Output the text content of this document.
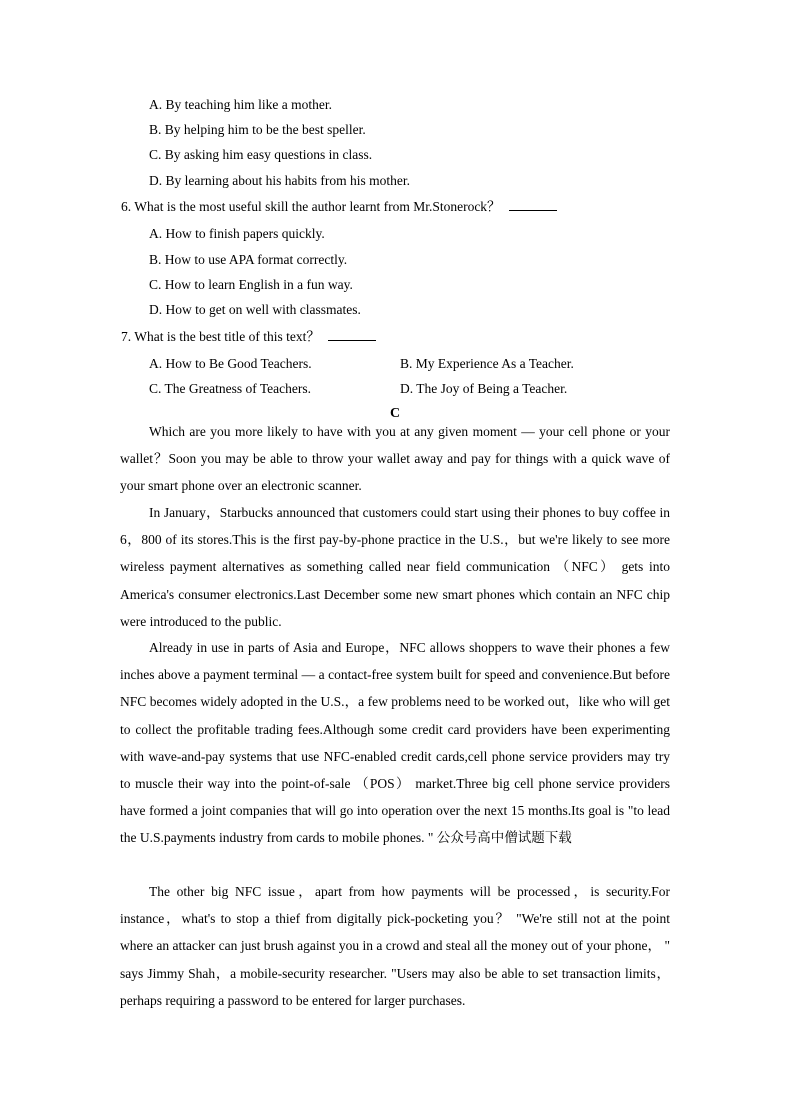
A. By teaching him like a mother.
B. By helping him to be the best speller.
C. By asking him easy questions in class.
D. By learning about his habits from his mother.
6. What is the most useful skill the author learnt from Mr.Stonerock？
A. How to finish papers quickly.
B. How to use APA format correctly.
C. How to learn English in a fun way.
D. How to get on well with classmates.
7. What is the best title of this text？
A. How to Be Good Teachers.	B. My Experience As a Teacher.
C. The Greatness of Teachers.	D. The Joy of Being a Teacher.
C

Which are you more likely to have with you at any given moment — your cell phone or your wallet？Soon you may be able to throw your wallet away and pay for things with a quick wave of your smart phone over an electronic scanner.

In January，Starbucks announced that customers could start using their phones to buy coffee in 6，800 of its stores.This is the first pay-by-phone practice in the U.S.，but we're likely to see more wireless payment alternatives as something called near field communication （NFC） gets into America's consumer electronics.Last December some new smart phones which contain an NFC chip were introduced to the public.

Already in use in parts of Asia and Europe，NFC allows shoppers to wave their phones a few inches above a payment terminal — a contact-free system built for speed and convenience.But before NFC becomes widely adopted in the U.S.，a few problems need to be worked out，like who will get to collect the profitable trading fees.Although some credit card providers have been experimenting with wave-and-pay systems that use NFC-enabled credit cards,cell phone service providers may try to muscle their way into the point-of-sale （POS） market.Three big cell phone service providers have formed a joint companies that will go into operation over the next 15 months.Its goal is "to lead the U.S.payments industry from cards to mobile phones. " 公众号高中僧试题下载

The other big NFC issue，apart from how payments will be processed，is security.For instance，what's to stop a thief from digitally pick-pocketing you？ "We're still not at the point where an attacker can just brush against you in a crowd and steal all the money out of your phone， " says Jimmy Shah，a mobile-security researcher. "Users may also be able to set transaction limits，perhaps requiring a password to be entered for larger purchases.
